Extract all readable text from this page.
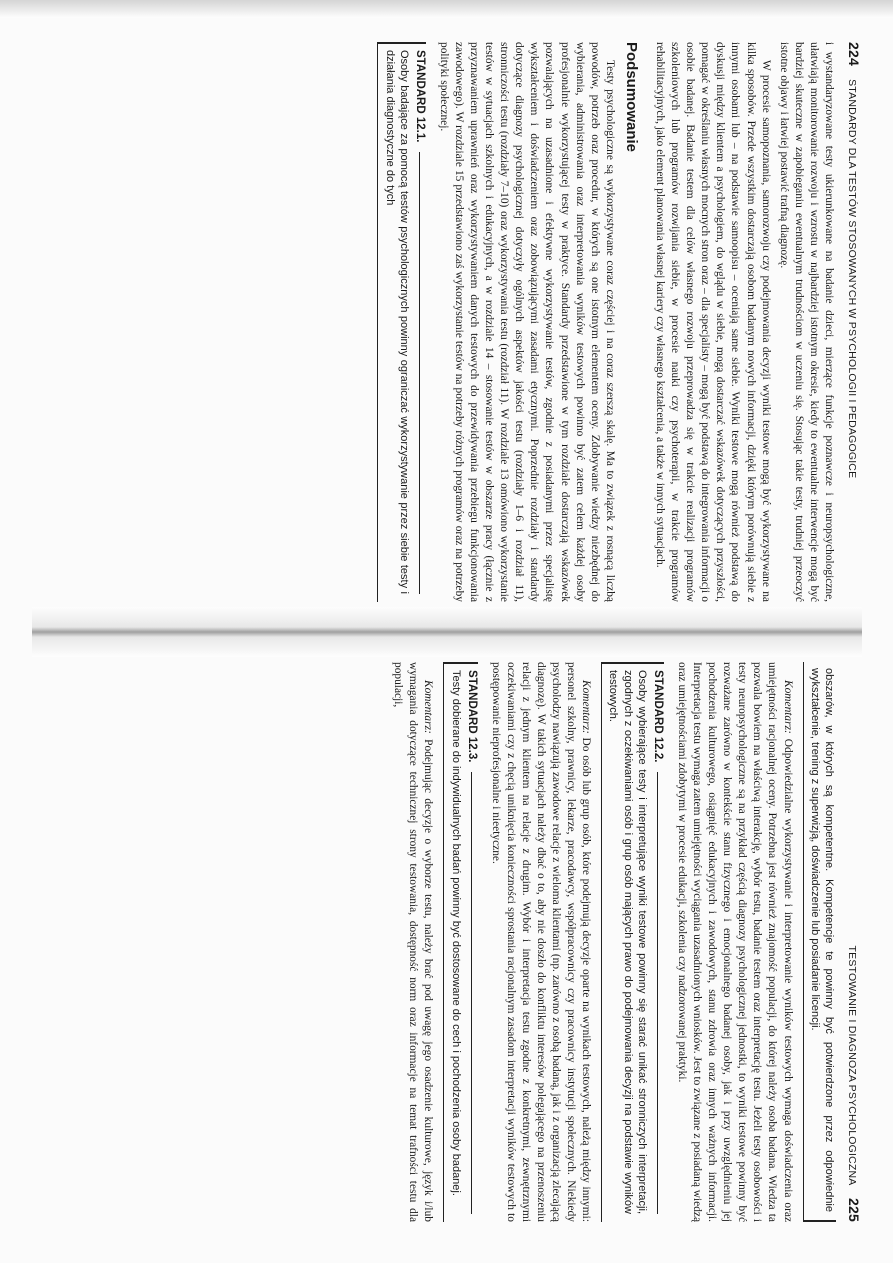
224 STANDARDY DLA TESTÓW STOSOWANYCH W PSYCHOLOGII I PEDAGOGICE

i wystandaryzowane testy ukierunkowane na badanie dzieci, mierzące funkcje poznawcze i neuropsychologiczne, ułatwiają monitorowanie rozwoju i wzrostu w najbardziej istotnym okresie, kiedy to ewentualne interwencje mogą być bardziej skuteczne w zapobieganiu ewentualnym trudnościom w uczeniu się. Stosując takie testy, trudniej przeoczyć istotne objawy i łatwiej postawić trafną diagnozę.

W procesie samopoznania, samorozwoju czy podejmowania decyzji wyniki testowe mogą być wykorzystywane na kilka sposobów. Przede wszystkim dostarczają osobom badanym nowych informacji, dzięki którym porównują siebie z innymi osobami lub – na podstawie samoopisu – oceniają same siebie. Wyniki testowe mogą również podstawą do dyskusji między klientem a psychologiem, do wglądu w siebie, mogą dostarczać wskazówek dotyczących przyszłości, pomagać w określaniu własnych mocnych stron oraz – dla specjalisty – mogą być podstawą do integrowania informacji o osobie badanej. Badanie testem dla celów własnego rozwoju przeprowadza się w trakcie realizacji programów szkoleniowych lub programów rozwijania siebie, w procesie nauki czy psychoterapii, w trakcie programów rehabilitacyjnych, jako element planowania własnej kariery czy własnego kształcenia, a także w innych sytuacjach.

Podsumowanie

Testy psychologiczne są wykorzystywane coraz częściej i na coraz szerszą skalę. Ma to związek z rosnącą liczbą powodów, potrzeb oraz procedur, w których są one istotnym elementem oceny. Zdobywanie wiedzy niezbędnej do wybierania, administrowania oraz interpretowania wyników testowych powinno być zatem celem każdej osoby profesjonalnie wykorzystującej testy w praktyce. Standardy przedstawione w tym rozdziale dostarczają wskazówek pozwalających na uzasadnione i efektywne wykorzystywanie testów, zgodnie z posiadanymi przez specjalistę wykształceniem i doświadczeniem oraz zobowiązującymi zasadami etycznymi. Poprzednie rozdziały i standardy dotyczące diagnozy psychologicznej dotyczyły ogólnych aspektów jakości testu (rozdziały 1–6 i rozdział 11), stronniczości testu (rozdziały 7–10) oraz wykorzystywania testu (rozdział 11). W rozdziale 13 omówiono wykorzystanie testów w sytuacjach szkolnych i edukacyjnych, a w rozdziale 14 – stosowanie testów w obszarze pracy (łącznie z przyznawaniem uprawnień oraz wykorzystywaniem danych testowych do przewidywania przebiegu funkcjonowania zawodowego). W rozdziale 15 przedstawiono zaś wykorzystanie testów na potrzeby różnych programów oraz na potrzeby polityki społecznej.

STANDARD 12.1.
Osoby badające za pomocą testów psychologicznych powinny ograniczać wykorzystywanie przez siebie testy i działania diagnostyczne do tych
TESTOWANIE I DIAGNOZA PSYCHOLOGICZNA 225
obszarów, w których są kompetentne. Kompetencje te powinny być potwierdzone przez odpowiednie wykształcenie, trening z superwizją, doświadczenie lub posiadanie licencji.

Komentarz: Odpowiedzialne wykorzystywanie i interpretowanie wyników testowych wymaga doświadczenia oraz umiejętności racjonalnej oceny. Potrzebna jest również znajomość populacji, do której należy osoba badana. Wiedza ta pozwala bowiem na właściwą interakcję, wybór testu, badanie testem oraz interpretację testu. Jeżeli testy osobowości i testy neuropsychologiczne są na przykład częścią diagnozy psychologicznej jednostki, to wyniki testowe powinny być rozważane zarówno w kontekście stanu fizycznego i emocjonalnego badanej osoby, jak i przy uwzględnieniu jej pochodzenia kulturowego, osiągnięć edukacyjnych i zawodowych, stanu zdrowia oraz innych ważnych informacji. Interpretacja testu wymaga zatem umiejętności wyciągania uzasadnionych wniosków. Jest to związane z posiadaną wiedzą oraz umiejętnościami zdobytymi w procesie edukacji, szkolenia czy nadzorowanej praktyki.

STANDARD 12.2.
Osoby wybierające testy i interpretujące wyniki testowe powinny się starać unikać stronniczych interpretacji, zgodnych z oczekiwaniami osób i grup osób mających prawo do podejmowania decyzji na podstawie wyników testowych.

Komentarz: Do osób lub grup osób, które podejmują decyzje oparte na wynikach testowych, należą między innymi: personel szkolny, prawnicy, lekarze, pracodawcy, współpracownicy czy pracownicy instytucji społecznych. Niekiedy psycholodzy nawiązują zawodowe relacje z wieloma klientami (np. zarówno z osobą badaną, jak i z organizacją zlecającą diagnozę). W takich sytuacjach należy dbać o to, aby nie doszło do konfliktu interesów polegającego na przenoszeniu relacji z jednym klientem na relacje z drugim. Wybór i interpretacja testu zgodne z konkretnymi, zewnętrznymi oczekiwaniami czy z chęcią uniknięcia konieczności sprostania racjonalnym zasadom interpretacji wyników testowych to postępowanie nieprofesjonalne i nieetyczne.

STANDARD 12.3.
Testy dobierane do indywidualnych badań powinny być dostosowane do cech i pochodzenia osoby badanej.

Komentarz: Podejmując decyzje o wyborze testu, należy brać pod uwagę jego osadzenie kulturowe, język i/lub wymagania dotyczące technicznej strony testowania, dostępność norm oraz informacje na temat trafności testu dla populacji,
